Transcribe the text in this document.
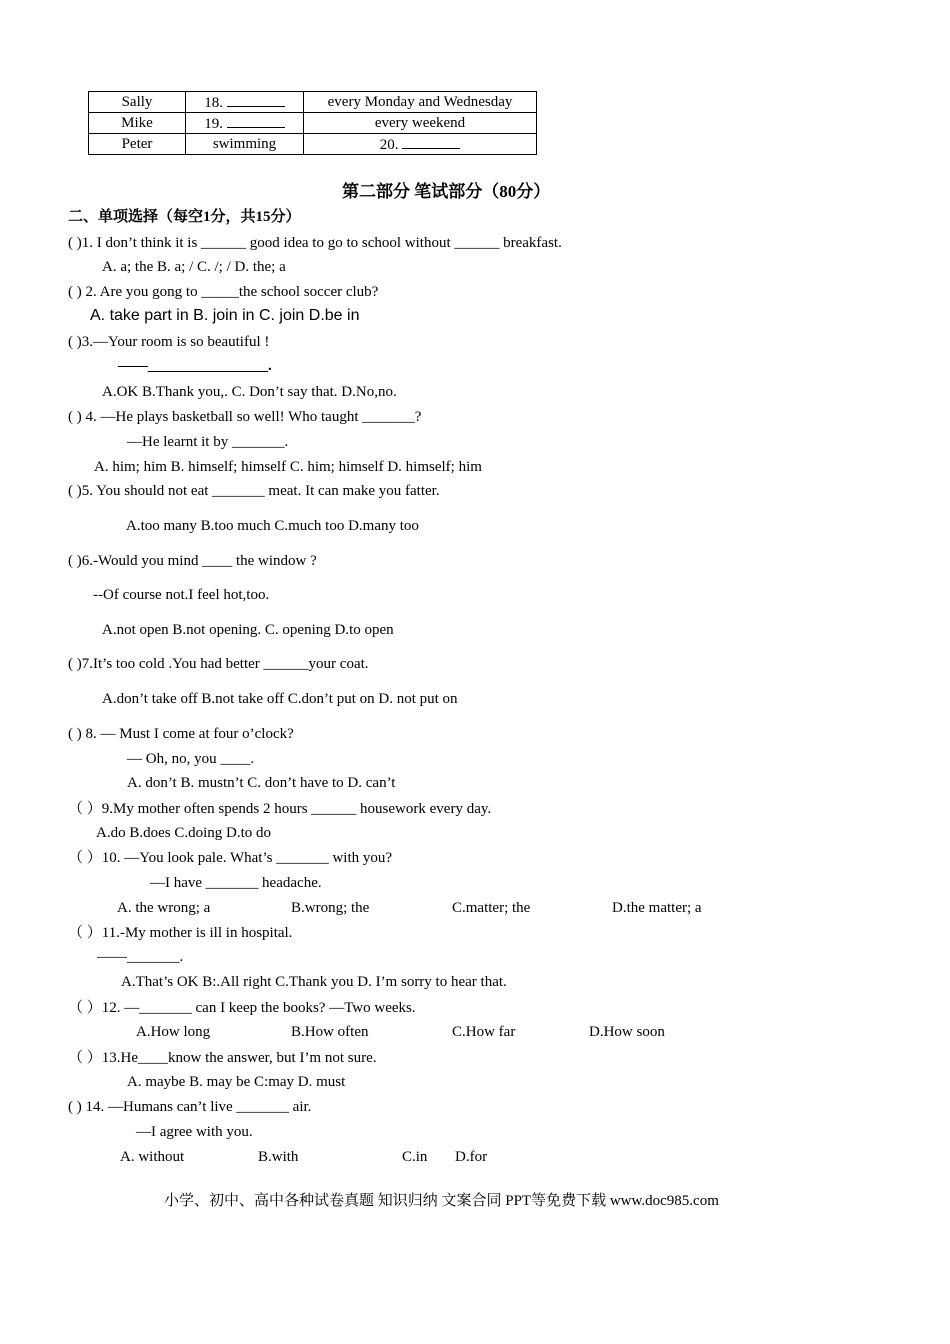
Sally	18.	every Monday and Wednesday
Mike	19.	every weekend
Peter	swimming	20.
第二部分 笔试部分（80分）
二、单项选择（每空1分，共15分）
( )1. I don’t think it is ______ good idea to go to school without ______ breakfast.
A. a; the B. a; / C. /; / D. the; a
( ) 2. Are you gong to _____the school soccer club?
A. take part in B. join in C. join D.be in
( )3.—Your room is so beautiful !
——________________.
A.OK B.Thank you,. C. Don’t say that. D.No,no.
( ) 4. —He plays basketball so well! Who taught _______?
—He learnt it by _______.
A. him; him B. himself; himself C. him; himself D. himself; him
( )5. You should not eat _______ meat. It can make you fatter.
A.too many B.too much C.much too D.many too
( )6.-Would you mind ____ the window ?
--Of course not.I feel hot,too.
A.not open B.not opening. C. opening D.to open
( )7.It’s too cold .You had better ______your coat.
A.don’t take off B.not take off C.don’t put on D. not put on
( ) 8. — Must I come at four o’clock?
— Oh, no, you ____.
A. don’t B. mustn’t C. don’t have to D. can’t
（ ）9.My mother often spends 2 hours ______ housework every day.
A.do B.does C.doing D.to do
（ ）10. —You look pale. What’s _______ with you?
—I have _______ headache.
A. the wrong; a	B.wrong; the	C.matter; the	D.the matter; a
（ ）11.-My mother is ill in hospital.
——_______.
A.That’s OK B:.All right C.Thank you D. I’m sorry to hear that.
（ ）12. —_______ can I keep the books? —Two weeks.
A.How long	B.How often	C.How far	D.How soon
（ ）13.He____know the answer, but I’m not sure.
A. maybe B. may be C:may D. must
( ) 14. —Humans can’t live _______ air.
—I agree with you.
A. without	B.with	C.in D.for
小学、初中、高中各种试卷真题 知识归纳 文案合同 PPT等免费下载 www.doc985.com
